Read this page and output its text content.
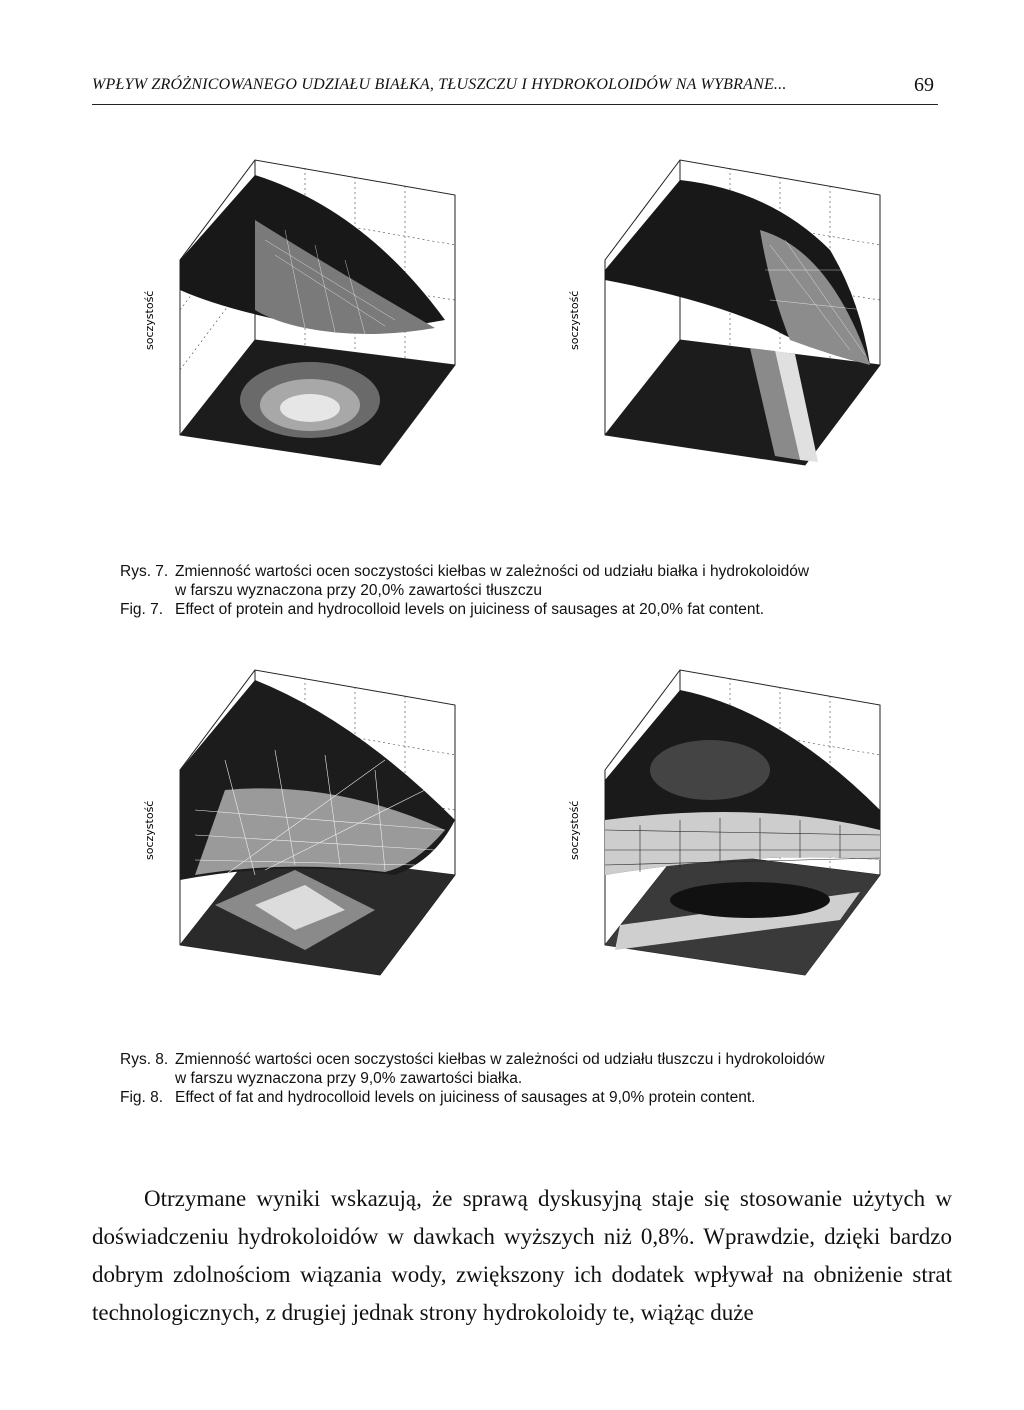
WPŁYW ZRÓŻNICOWANEGO UDZIAŁU BIAŁKA, TŁUSZCZU I HYDROKOLOIDÓW NA WYBRANE...	69
soczystość	soczystość
Rys. 7. Zmienność wartości ocen soczystości kiełbas w zależności od udziału białka i hydrokoloidów
w farszu wyznaczona przy 20,0% zawartości tłuszczu
Fig. 7. Effect of protein and hydrocolloid levels on juiciness of sausages at 20,0% fat content.
soczystość	soczystość
Rys. 8. Zmienność wartości ocen soczystości kiełbas w zależności od udziału tłuszczu i hydrokoloidów
w farszu wyznaczona przy 9,0% zawartości białka.
Fig. 8. Effect of fat and hydrocolloid levels on juiciness of sausages at 9,0% protein content.

Otrzymane wyniki wskazują, że sprawą dyskusyjną staje się stosowanie użytych w doświadczeniu hydrokoloidów w dawkach wyższych niż 0,8%. Wprawdzie, dzięki bardzo dobrym zdolnościom wiązania wody, zwiększony ich dodatek wpływał na obniżenie strat technologicznych, z drugiej jednak strony hydrokoloidy te, wiążąc duże
